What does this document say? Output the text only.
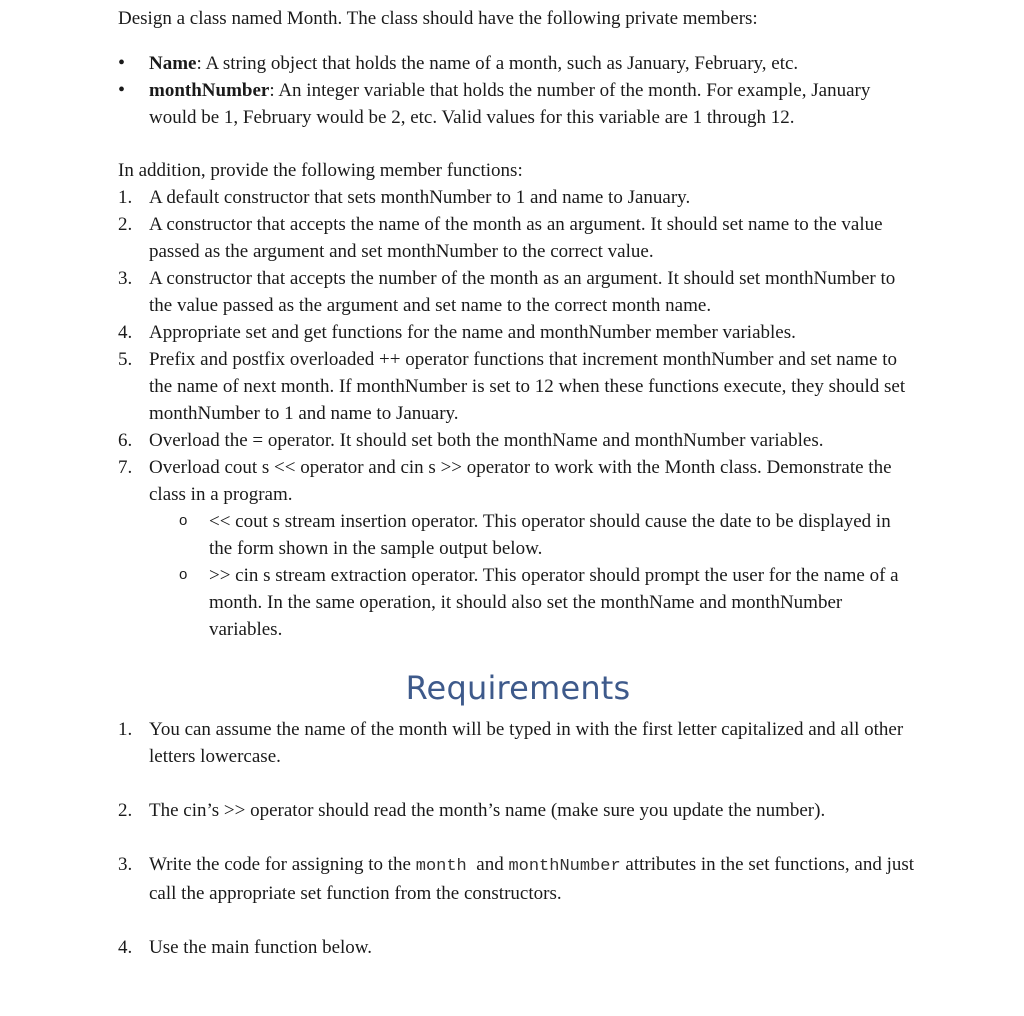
Design a class named Month. The class should have the following private members:

• Name: A string object that holds the name of a month, such as January, February, etc.
• monthNumber: An integer variable that holds the number of the month. For example, January would be 1, February would be 2, etc. Valid values for this variable are 1 through 12.

In addition, provide the following member functions:

1. A default constructor that sets monthNumber to 1 and name to January.
2. A constructor that accepts the name of the month as an argument. It should set name to the value passed as the argument and set monthNumber to the correct value.
3. A constructor that accepts the number of the month as an argument. It should set monthNumber to the value passed as the argument and set name to the correct month name.
4. Appropriate set and get functions for the name and monthNumber member variables.
5. Prefix and postfix overloaded ++ operator functions that increment monthNumber and set name to the name of next month. If monthNumber is set to 12 when these functions execute, they should set monthNumber to 1 and name to January.
6. Overload the = operator. It should set both the monthName and monthNumber variables.
7. Overload cout s << operator and cin s >> operator to work with the Month class. Demonstrate the class in a program.
o << cout s stream insertion operator. This operator should cause the date to be displayed in the form shown in the sample output below.
o >> cin s stream extraction operator. This operator should prompt the user for the name of a month. In the same operation, it should also set the monthName and monthNumber variables.
Requirements
1. You can assume the name of the month will be typed in with the first letter capitalized and all other letters lowercase.
2. The cin’s >> operator should read the month’s name (make sure you update the number).
3. Write the code for assigning to the month  and monthNumber attributes in the set functions, and just call the appropriate set function from the constructors.
4. Use the main function below.
